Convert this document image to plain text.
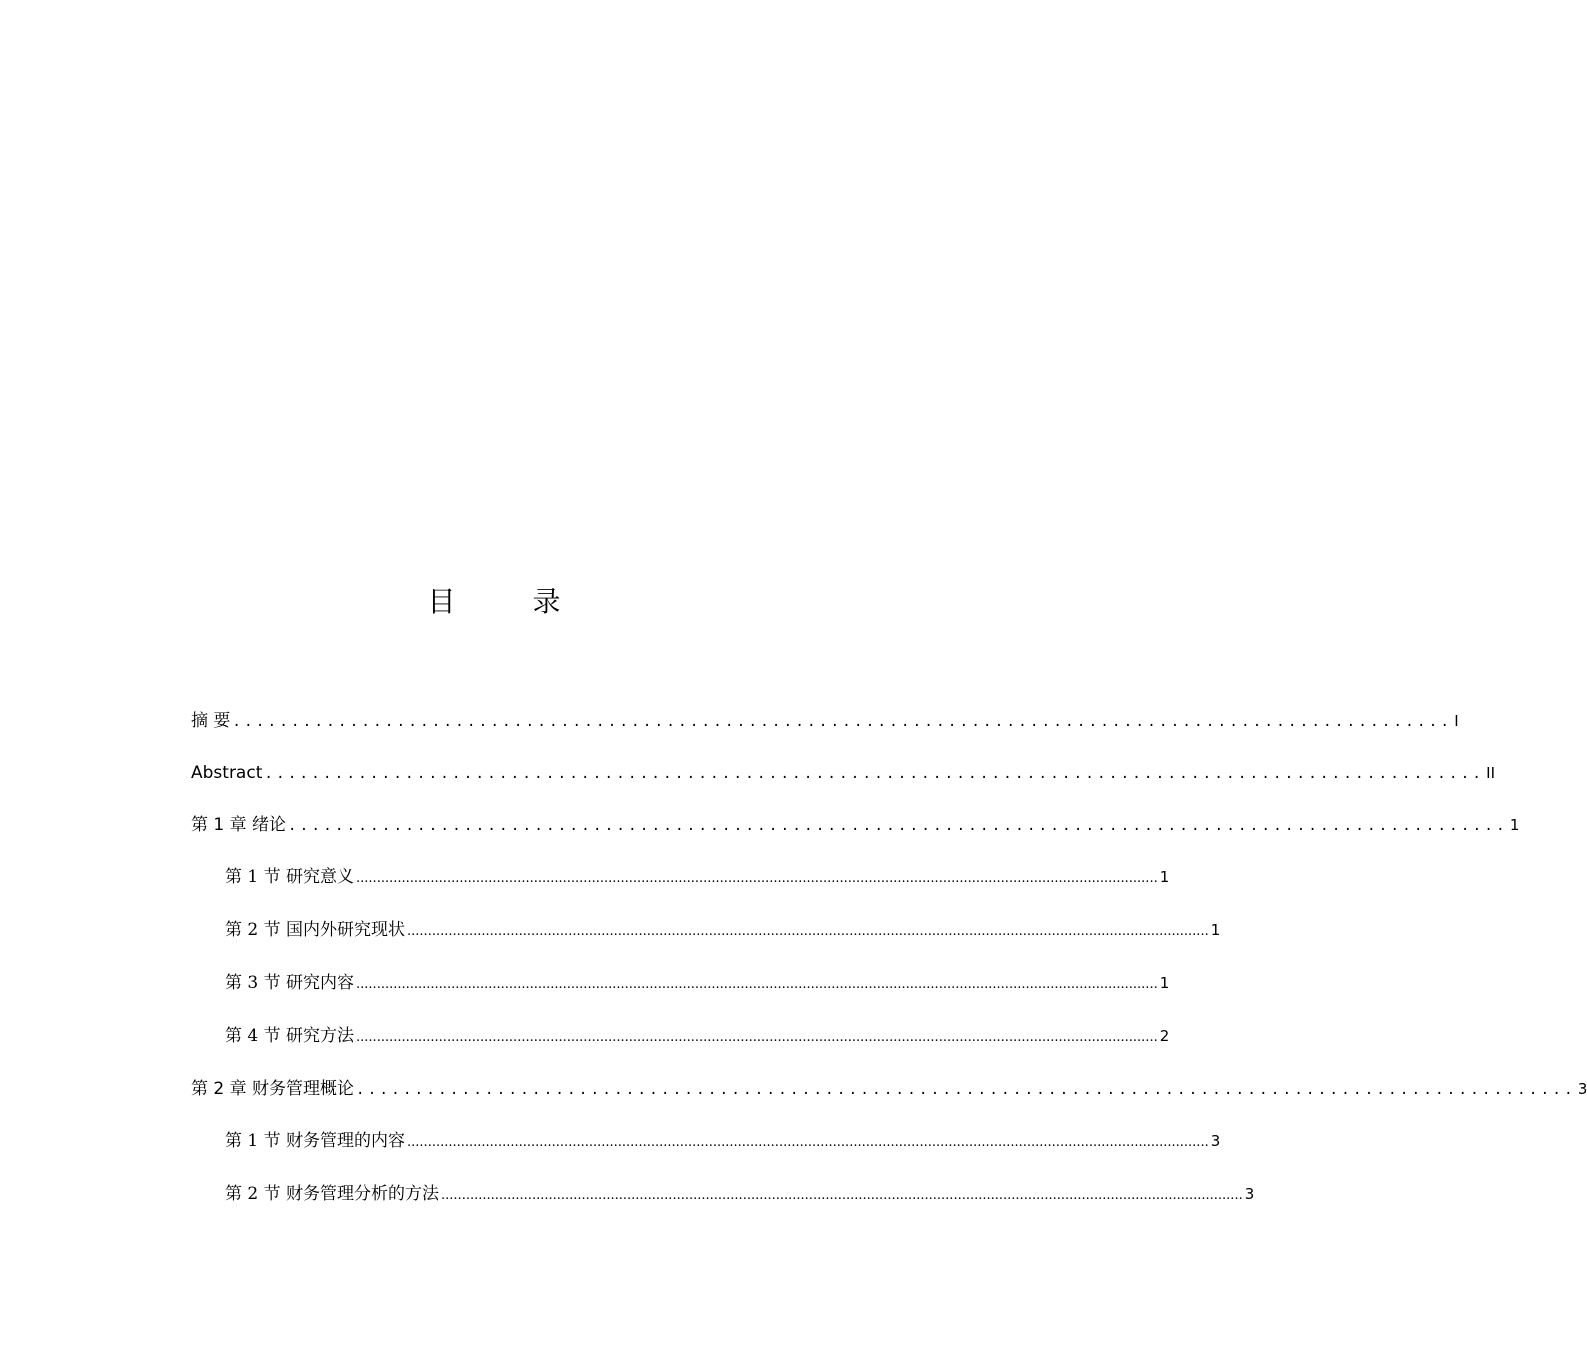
目 录
摘 要 ........................................................................................................ I
Abstract ........................................................................................................ II
第 1 章 绪论 ........................................................................................................ 1
第 1 节 研究意义 .................................................................................................................................................................................................. 1
第 2 节 国内外研究现状 .................................................................................................................................................................................................. 1
第 3 节 研究内容 .................................................................................................................................................................................................. 1
第 4 节 研究方法 .................................................................................................................................................................................................. 2
第 2 章 财务管理概论 ........................................................................................................ 3
第 1 节 财务管理的内容 .................................................................................................................................................................................................. 3
第 2 节 财务管理分析的方法 .................................................................................................................................................................................................. 3
